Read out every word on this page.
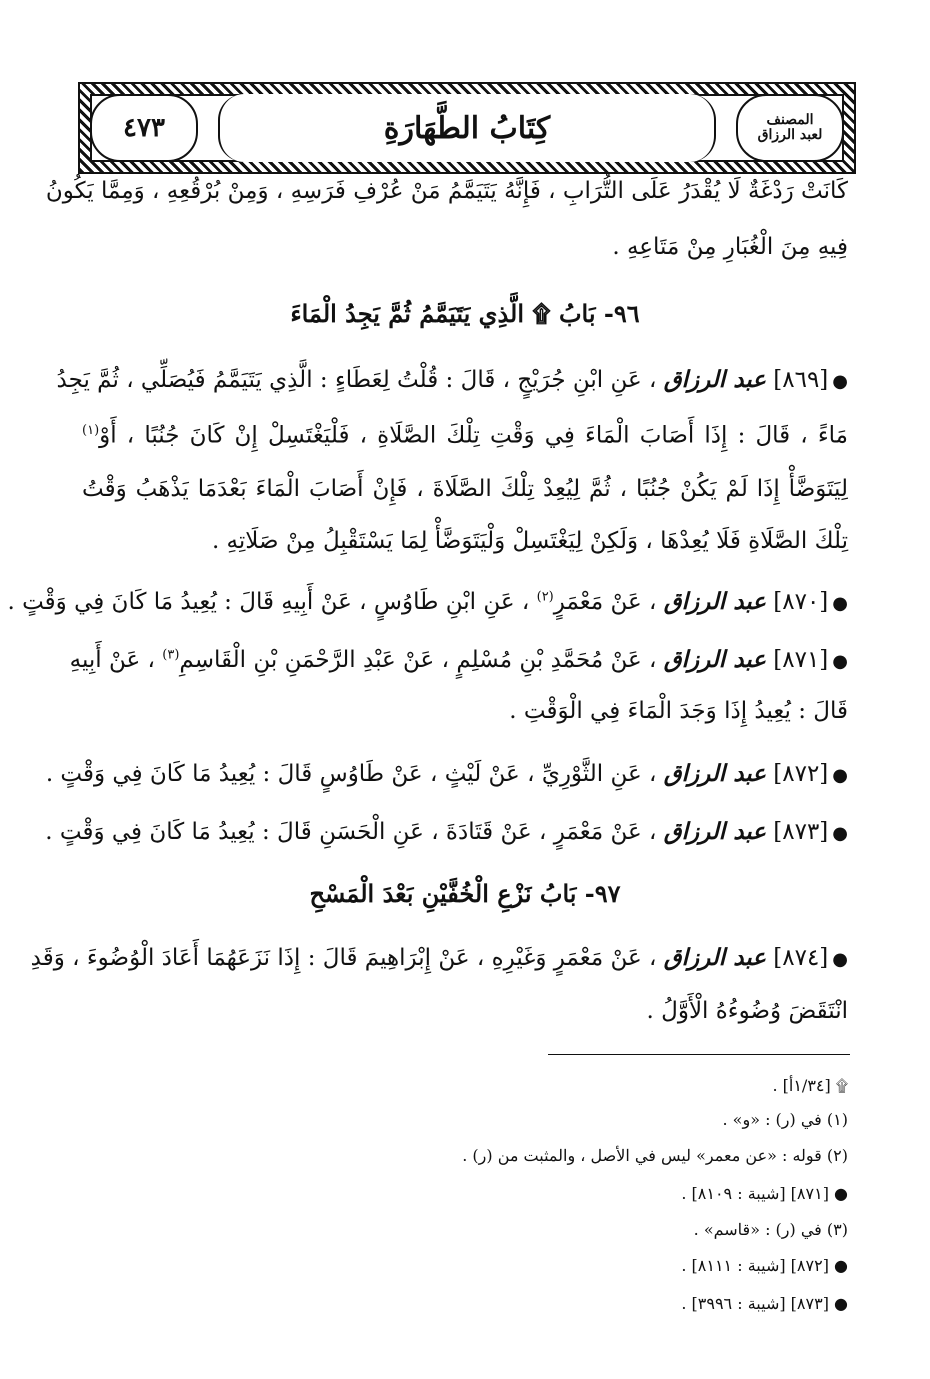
٤٧٣	المصنف
لعبد الرزاق
كِتَابُ الطَّهَارَةِ
كَانَتْ رَدْغَةٌ لَا يُقْدَرُ عَلَى التُّرَابِ ، فَإِنَّهُ يَتَيَمَّمُ مَنْ عُرْفِ فَرَسِهِ ، وَمِنْ بُرْقُعِهِ ، وَمِمَّا يَكُونُ
فِيهِ مِنَ الْغُبَارِ مِنْ مَتَاعِهِ .
٩٦- بَابُ ۩ الَّذِي يَتَيَمَّمُ ثُمَّ يَجِدُ الْمَاءَ
●[٨٦٩] عبد الرزاق ، عَنِ ابْنِ جُرَيْجٍ ، قَالَ : قُلْتُ لِعَطَاءٍ : الَّذِي يَتَيَمَّمُ فَيُصَلِّي ، ثُمَّ يَجِدُ
مَاءً ، قَالَ : إِذَا أَصَابَ الْمَاءَ فِي وَقْتِ تِلْكَ الصَّلَاةِ ، فَلْيَغْتَسِلْ إِنْ كَانَ جُنُبًا ، أَوْ$^{(١)}$
لِيَتَوَضَّأْ إِذَا لَمْ يَكُنْ جُنُبًا ، ثُمَّ لِيُعِدْ تِلْكَ الصَّلَاةَ ، فَإِنْ أَصَابَ الْمَاءَ بَعْدَمَا يَذْهَبُ وَقْتُ
تِلْكَ الصَّلَاةِ فَلَا يُعِدْهَا ، وَلَكِنْ لِيَغْتَسِلْ وَلْيَتَوَضَّأْ لِمَا يَسْتَقْبِلُ مِنْ صَلَاتِهِ .
●[٨٧٠] عبد الرزاق ، عَنْ مَعْمَرٍ$^{(٢)}$ ، عَنِ ابْنِ طَاوُسٍ ، عَنْ أَبِيهِ قَالَ : يُعِيدُ مَا كَانَ فِي وَقْتٍ .
●[٨٧١] عبد الرزاق ، عَنْ مُحَمَّدِ بْنِ مُسْلِمٍ ، عَنْ عَبْدِ الرَّحْمَنِ بْنِ الْقَاسِمِ$^{(٣)}$ ، عَنْ أَبِيهِ
قَالَ : يُعِيدُ إِذَا وَجَدَ الْمَاءَ فِي الْوَقْتِ .
●[٨٧٢] عبد الرزاق ، عَنِ الثَّوْرِيِّ ، عَنْ لَيْثٍ ، عَنْ طَاوُسٍ قَالَ : يُعِيدُ مَا كَانَ فِي وَقْتٍ .
●[٨٧٣] عبد الرزاق ، عَنْ مَعْمَرٍ ، عَنْ قَتَادَةَ ، عَنِ الْحَسَنِ قَالَ : يُعِيدُ مَا كَانَ فِي وَقْتٍ .
٩٧- بَابُ نَزْعِ الْخُفَّيْنِ بَعْدَ الْمَسْحِ
●[٨٧٤] عبد الرزاق ، عَنْ مَعْمَرٍ وَغَيْرِهِ ، عَنْ إِبْرَاهِيمَ قَالَ : إِذَا نَزَعَهُمَا أَعَادَ الْوُضُوءَ ، وَقَدِ
انْتَقَضَ وُضُوءُهُ الْأَوَّلُ .
۩ [١/٣٤أ] .
(١) في (ر) : «و» .
(٢) قوله : «عن معمر» ليس في الأصل ، والمثبت من (ر) .
● [٨٧١] [شيبة : ٨١٠٩] .
(٣) في (ر) : «قاسم» .
● [٨٧٢] [شيبة : ٨١١١] .
● [٨٧٣] [شيبة : ٣٩٩٦] .
